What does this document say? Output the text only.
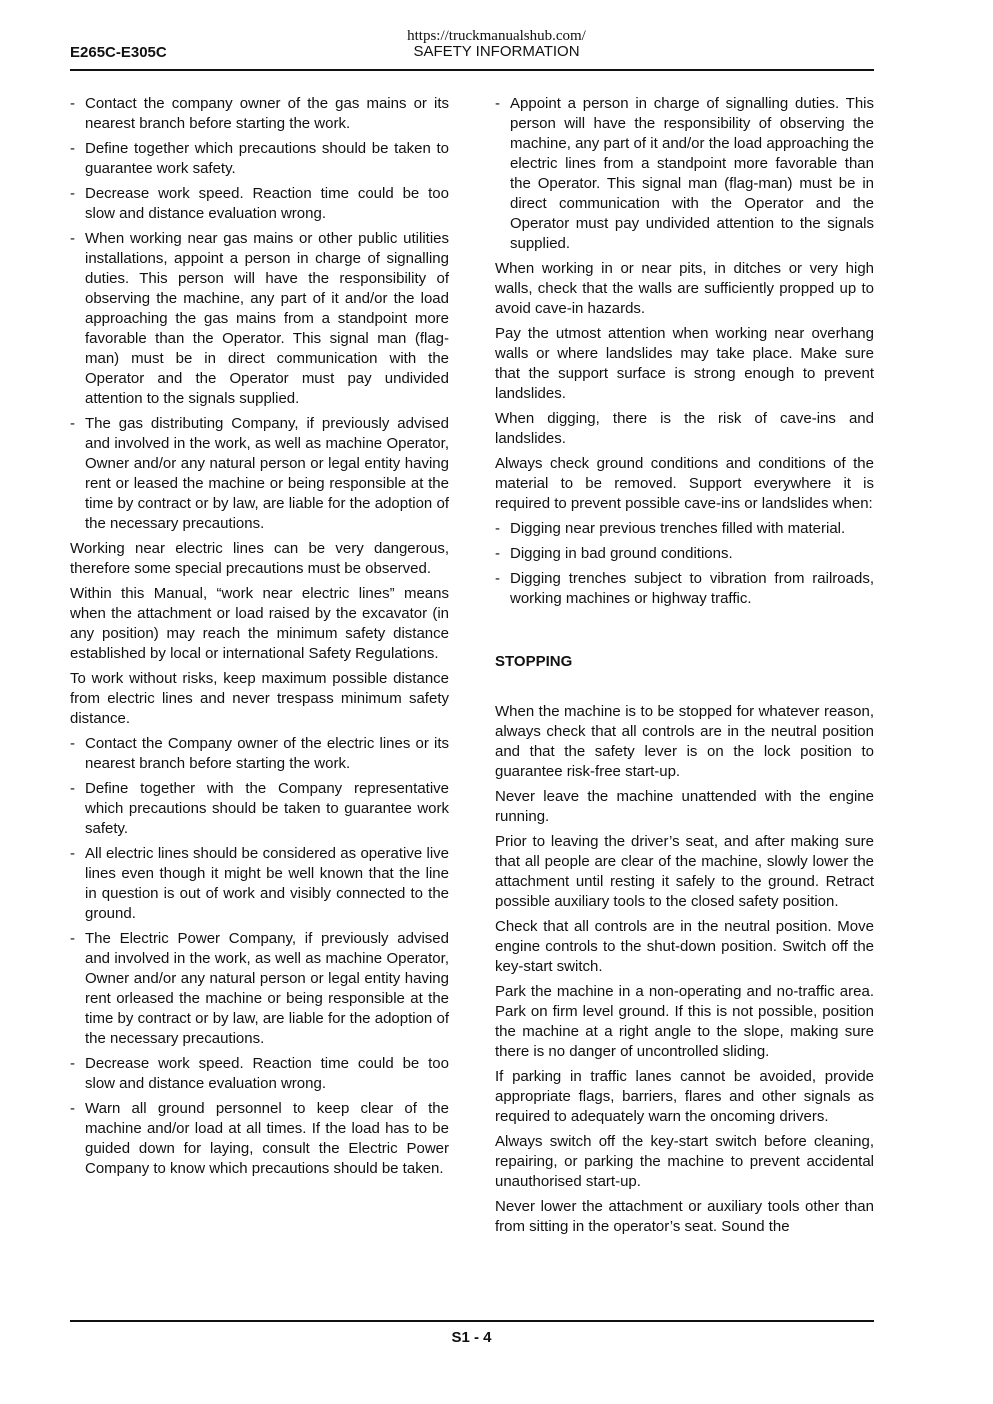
https://truckmanualshub.com/
E265C-E305C	SAFETY INFORMATION
- Contact the company owner of the gas mains or its nearest branch before starting the work.
- Define together which precautions should be taken to guarantee work safety.
- Decrease work speed. Reaction time could be too slow and distance evaluation wrong.
- When working near gas mains or other public utilities installations, appoint a person in charge of signalling duties. This person will have the responsibility of observing the machine, any part of it and/or the load approaching the gas mains from a standpoint more favorable than the Operator. This signal man (flag-man) must be in direct communication with the Operator and the Operator must pay undivided attention to the signals supplied.
- The gas distributing Company, if previously advised and involved in the work, as well as machine Operator, Owner and/or any natural person or legal entity having rent or leased the machine or being responsible at the time by contract or by law, are liable for the adoption of the necessary precautions.

Working near electric lines can be very dangerous, therefore some special precautions must be observed.

Within this Manual, “work near electric lines” means when the attachment or load raised by the excavator (in any position) may reach the minimum safety distance established by local or international Safety Regulations.

To work without risks, keep maximum possible distance from electric lines and never trespass minimum safety distance.

- Contact the Company owner of the electric lines or its nearest branch before starting the work.
- Define together with the Company representative which precautions should be taken to guarantee work safety.
- All electric lines should be considered as operative live lines even though it might be well known that the line in question is out of work and visibly connected to the ground.
- The Electric Power Company, if previously advised and involved in the work, as well as machine Operator, Owner and/or any natural person or legal entity having rent orleased the machine or being responsible at the time by contract or by law, are liable for the adoption of the necessary precautions.
- Decrease work speed. Reaction time could be too slow and distance evaluation wrong.
- Warn all ground personnel to keep clear of the machine and/or load at all times. If the load has to be guided down for laying, consult the Electric Power Company to know which precautions should be taken.
- Appoint a person in charge of signalling duties. This person will have the responsibility of observing the machine, any part of it and/or the load approaching the electric lines from a standpoint more favorable than the Operator. This signal man (flag-man) must be in direct communication with the Operator and the Operator must pay undivided attention to the signals supplied.

When working in or near pits, in ditches or very high walls, check that the walls are sufficiently propped up to avoid cave-in hazards.

Pay the utmost attention when working near overhang walls or where landslides may take place. Make sure that the support surface is strong enough to prevent landslides.

When digging, there is the risk of cave-ins and landslides.

Always check ground conditions and conditions of the material to be removed. Support everywhere it is required to prevent possible cave-ins or landslides when:

- Digging near previous trenches filled with material.
- Digging in bad ground conditions.
- Digging trenches subject to vibration from railroads, working machines or highway traffic.
STOPPING

When the machine is to be stopped for whatever reason, always check that all controls are in the neutral position and that the safety lever is on the lock position to guarantee risk-free start-up.

Never leave the machine unattended with the engine running.

Prior to leaving the driver’s seat, and after making sure that all people are clear of the machine, slowly lower the attachment until resting it safely to the ground. Retract possible auxiliary tools to the closed safety position.

Check that all controls are in the neutral position. Move engine controls to the shut-down position. Switch off the key-start switch.

Park the machine in a non-operating and no-traffic area. Park on firm level ground. If this is not possible, position the machine at a right angle to the slope, making sure there is no danger of uncontrolled sliding.

If parking in traffic lanes cannot be avoided, provide appropriate flags, barriers, flares and other signals as required to adequately warn the oncoming drivers.

Always switch off the key-start switch before cleaning, repairing, or parking the machine to prevent accidental unauthorised start-up.

Never lower the attachment or auxiliary tools other than from sitting in the operator’s seat. Sound the

S1 - 4
